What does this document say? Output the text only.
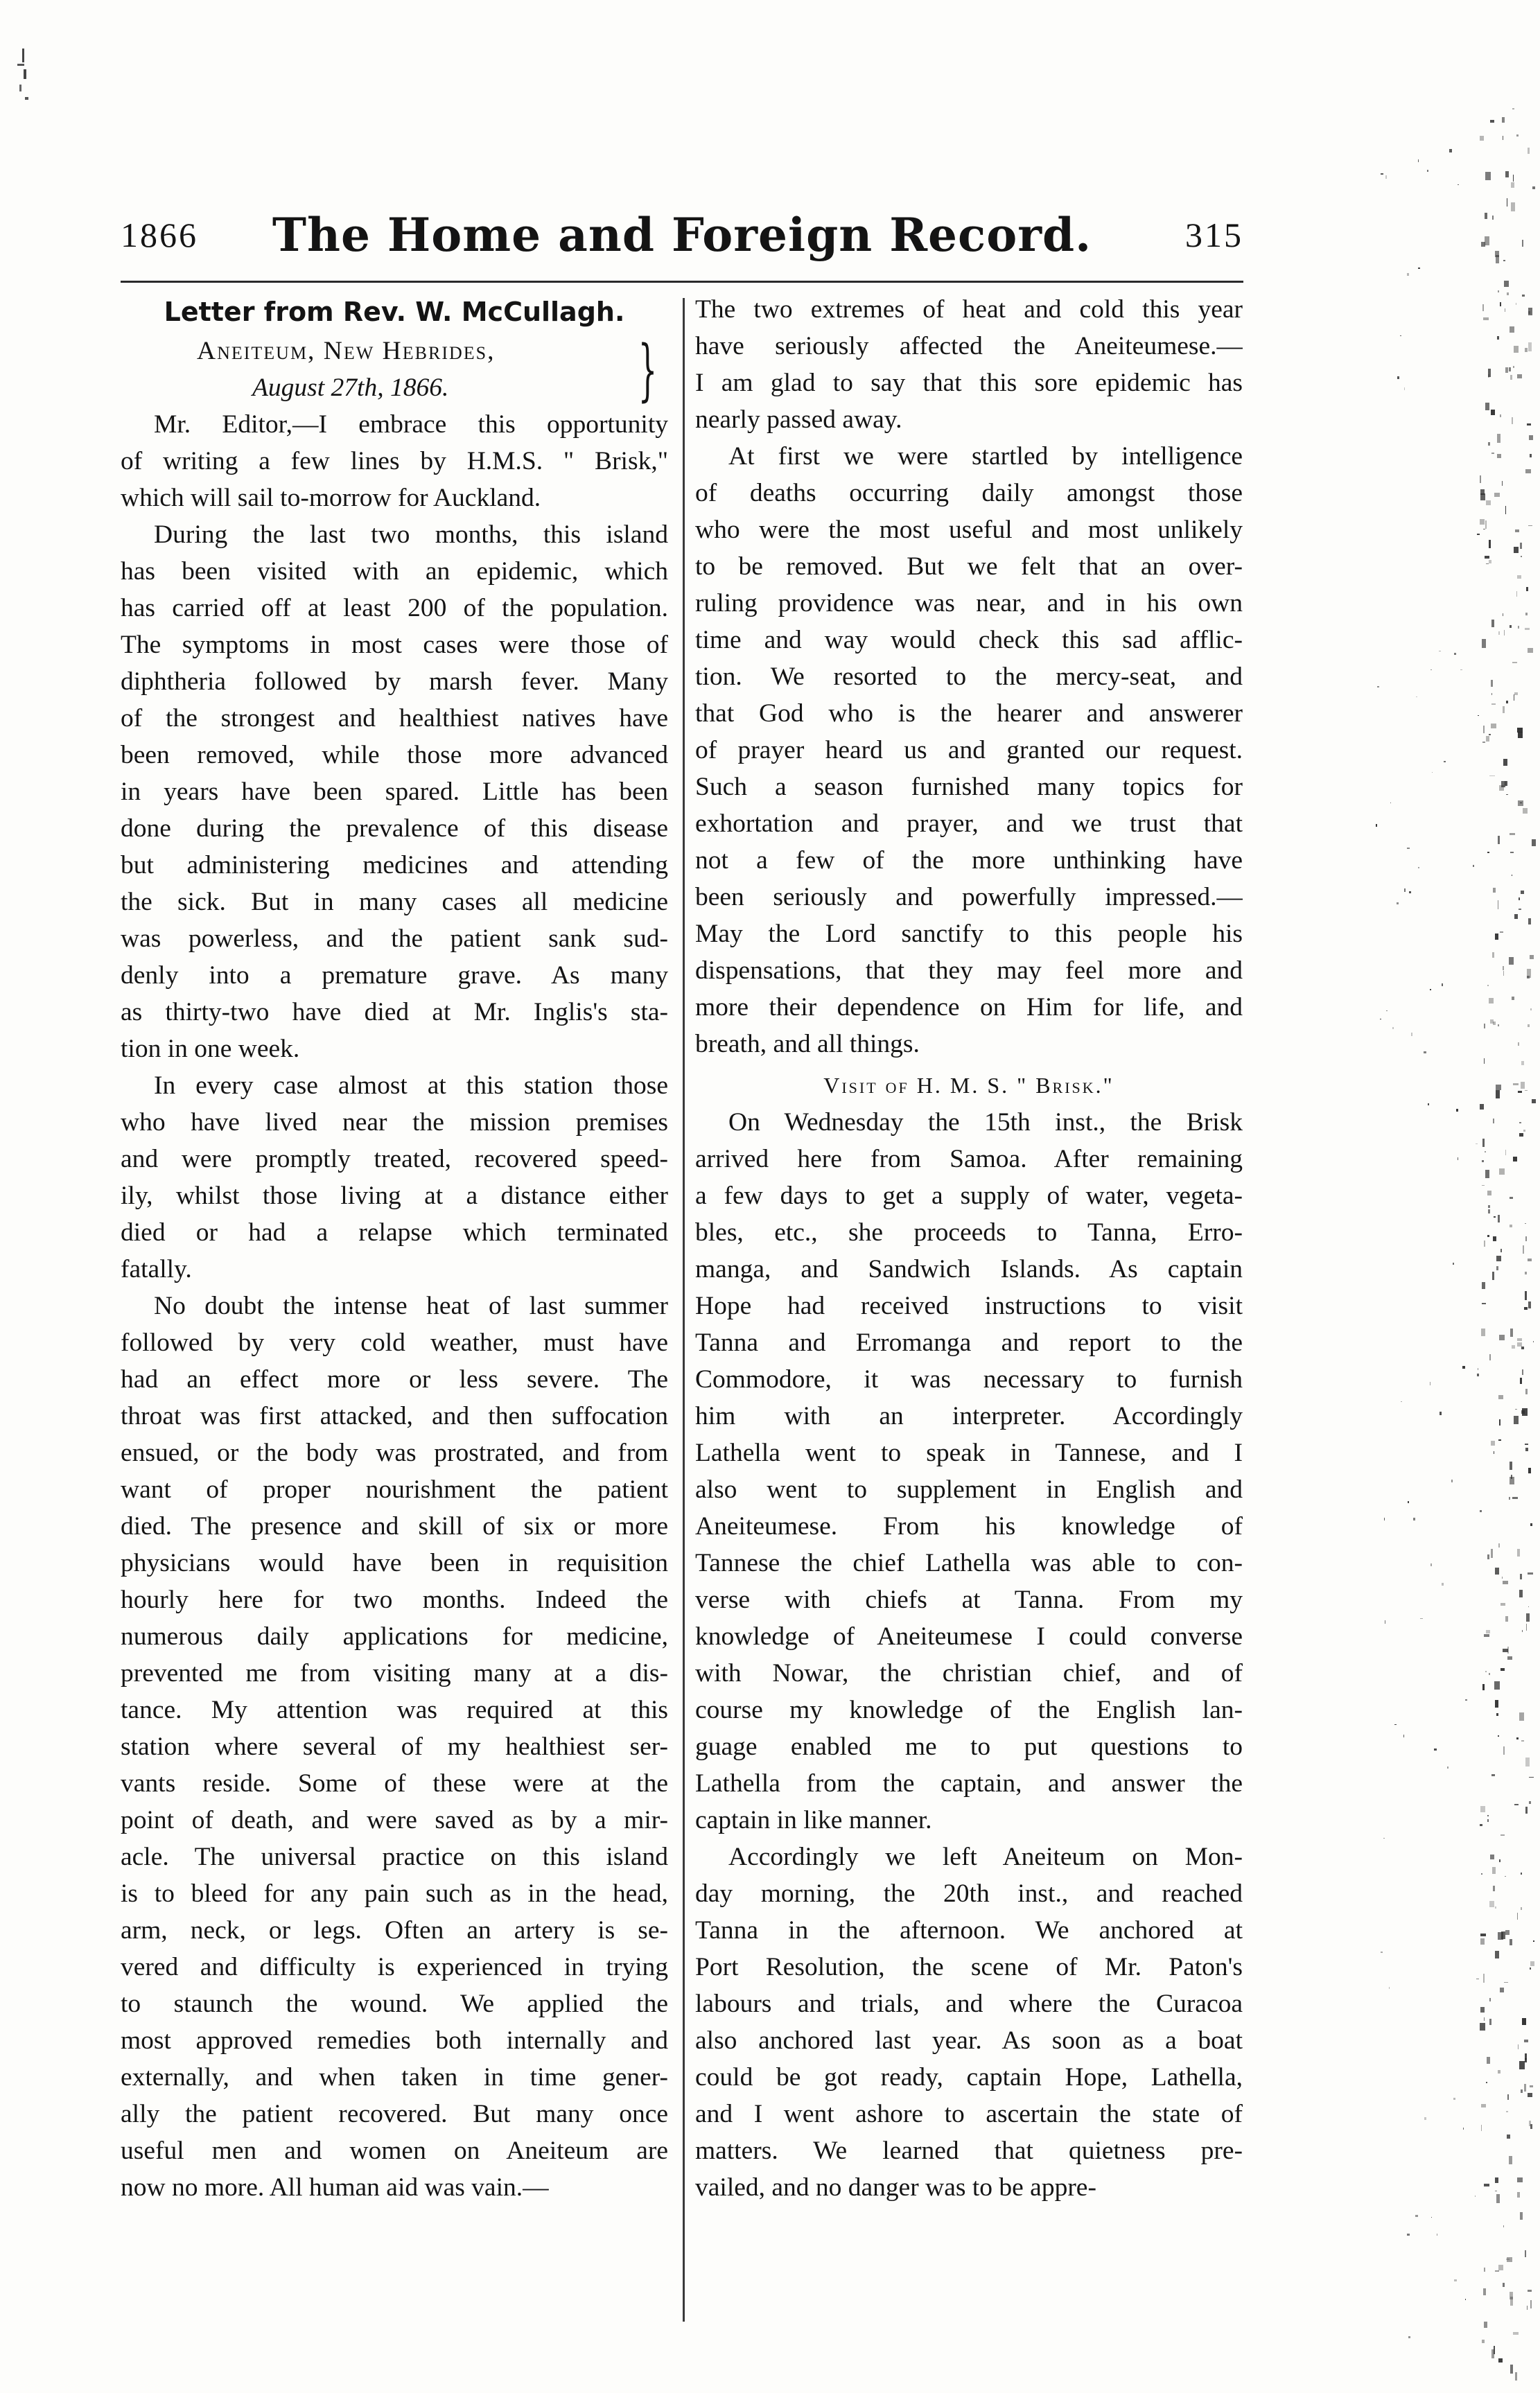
1866	The Home and Foreign Record.	315
Letter from Rev. W. McCullagh.
Aneiteum, New Hebrides,
August 27th, 1866.	}
Mr. Editor,—I embrace this opportunity
of writing a few lines by H.M.S. " Brisk,"
which will sail to-morrow for Auckland.
During the last two months, this island
has been visited with an epidemic, which
has carried off at least 200 of the population.
The symptoms in most cases were those of
diphtheria followed by marsh fever. Many
of the strongest and healthiest natives have
been removed, while those more advanced
in years have been spared. Little has been
done during the prevalence of this disease
but administering medicines and attending
the sick. But in many cases all medicine
was powerless, and the patient sank sud-
denly into a premature grave. As many
as thirty-two have died at Mr. Inglis's sta-
tion in one week.
In every case almost at this station those
who have lived near the mission premises
and were promptly treated, recovered speed-
ily, whilst those living at a distance either
died or had a relapse which terminated
fatally.
No doubt the intense heat of last summer
followed by very cold weather, must have
had an effect more or less severe. The
throat was first attacked, and then suffocation
ensued, or the body was prostrated, and from
want of proper nourishment the patient
died. The presence and skill of six or more
physicians would have been in requisition
hourly here for two months. Indeed the
numerous daily applications for medicine,
prevented me from visiting many at a dis-
tance. My attention was required at this
station where several of my healthiest ser-
vants reside. Some of these were at the
point of death, and were saved as by a mir-
acle. The universal practice on this island
is to bleed for any pain such as in the head,
arm, neck, or legs. Often an artery is se-
vered and difficulty is experienced in trying
to staunch the wound. We applied the
most approved remedies both internally and
externally, and when taken in time gener-
ally the patient recovered. But many once
useful men and women on Aneiteum are
now no more. All human aid was vain.—
The two extremes of heat and cold this year
have seriously affected the Aneiteumese.—
I am glad to say that this sore epidemic has
nearly passed away.
At first we were startled by intelligence
of deaths occurring daily amongst those
who were the most useful and most unlikely
to be removed. But we felt that an over-
ruling providence was near, and in his own
time and way would check this sad afflic-
tion. We resorted to the mercy-seat, and
that God who is the hearer and answerer
of prayer heard us and granted our request.
Such a season furnished many topics for
exhortation and prayer, and we trust that
not a few of the more unthinking have
been seriously and powerfully impressed.—
May the Lord sanctify to this people his
dispensations, that they may feel more and
more their dependence on Him for life, and
breath, and all things.
Visit of H. M. S. " Brisk."
On Wednesday the 15th inst., the Brisk
arrived here from Samoa. After remaining
a few days to get a supply of water, vegeta-
bles, etc., she proceeds to Tanna, Erro-
manga, and Sandwich Islands. As captain
Hope had received instructions to visit
Tanna and Erromanga and report to the
Commodore, it was necessary to furnish
him with an interpreter. Accordingly
Lathella went to speak in Tannese, and I
also went to supplement in English and
Aneiteumese. From his knowledge of
Tannese the chief Lathella was able to con-
verse with chiefs at Tanna. From my
knowledge of Aneiteumese I could converse
with Nowar, the christian chief, and of
course my knowledge of the English lan-
guage enabled me to put questions to
Lathella from the captain, and answer the
captain in like manner.
Accordingly we left Aneiteum on Mon-
day morning, the 20th inst., and reached
Tanna in the afternoon. We anchored at
Port Resolution, the scene of Mr. Paton's
labours and trials, and where the Curacoa
also anchored last year. As soon as a boat
could be got ready, captain Hope, Lathella,
and I went ashore to ascertain the state of
matters. We learned that quietness pre-
vailed, and no danger was to be appre-
